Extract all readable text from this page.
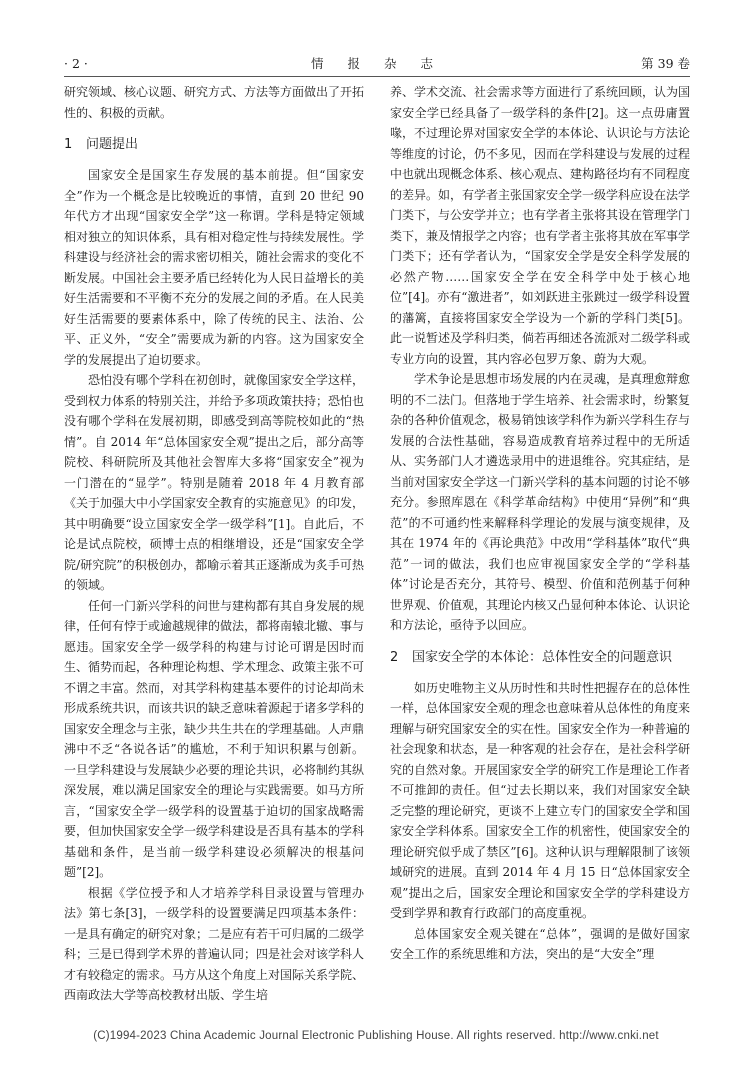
· 2 ·	情 报 杂 志	第 39 卷

研究领域、核心议题、研究方式、方法等方面做出了开拓性的、积极的贡献。

1 问题提出

国家安全是国家生存发展的基本前提。但“国家安全”作为一个概念是比较晚近的事情，直到 20 世纪 90 年代方才出现“国家安全学”这一称谓。学科是特定领域相对独立的知识体系，具有相对稳定性与持续发展性。学科建设与经济社会的需求密切相关，随社会需求的变化不断发展。中国社会主要矛盾已经转化为人民日益增长的美好生活需要和不平衡不充分的发展之间的矛盾。在人民美好生活需要的要素体系中，除了传统的民主、法治、公平、正义外，“安全”需要成为新的内容。这为国家安全学的发展提出了迫切要求。

恐怕没有哪个学科在初创时，就像国家安全学这样，受到权力体系的特别关注，并给予多项政策扶持；恐怕也没有哪个学科在发展初期，即感受到高等院校如此的“热情”。自 2014 年“总体国家安全观”提出之后，部分高等院校、科研院所及其他社会智库大多将“国家安全”视为一门潜在的“显学”。特别是随着 2018 年 4 月教育部《关于加强大中小学国家安全教育的实施意见》的印发，其中明确要“设立国家安全学一级学科”[1]。自此后，不论是试点院校，硕博士点的相继增设，还是“国家安全学院/研究院”的积极创办，都喻示着其正逐渐成为炙手可热的领域。

任何一门新兴学科的问世与建构都有其自身发展的规律，任何有悖于或逾越规律的做法，都将南辕北辙、事与愿违。国家安全学一级学科的构建与讨论可谓是因时而生、循势而起，各种理论构想、学术理念、政策主张不可不谓之丰富。然而，对其学科构建基本要件的讨论却尚未形成系统共识，而该共识的缺乏意味着源起于诸多学科的国家安全理念与主张，缺少共生共在的学理基础。人声鼎沸中不乏“各说各话”的尴尬，不利于知识积累与创新。一旦学科建设与发展缺少必要的理论共识，必将制约其纵深发展，难以满足国家安全的理论与实践需要。如马方所言，“国家安全学一级学科的设置基于迫切的国家战略需要，但加快国家安全学一级学科建设是否具有基本的学科基础和条件，是当前一级学科建设必须解决的根基问题”[2]。

根据《学位授予和人才培养学科目录设置与管理办法》第七条[3]，一级学科的设置要满足四项基本条件：一是具有确定的研究对象；二是应有若干可归属的二级学科；三是已得到学术界的普遍认同；四是社会对该学科人才有较稳定的需求。马方从这个角度上对国际关系学院、西南政法大学等高校教材出版、学生培

养、学术交流、社会需求等方面进行了系统回顾，认为国家安全学已经具备了一级学科的条件[2]。这一点毋庸置喙，不过理论界对国家安全学的本体论、认识论与方法论等维度的讨论，仍不多见，因而在学科建设与发展的过程中也就出现概念体系、核心观点、建构路径均有不同程度的差异。如，有学者主张国家安全学一级学科应设在法学门类下，与公安学并立；也有学者主张将其设在管理学门类下，兼及情报学之内容；也有学者主张将其放在军事学门类下；还有学者认为，“国家安全学是安全科学发展的必然产物……国家安全学在安全科学中处于核心地位”[4]。亦有“激进者”，如刘跃进主张跳过一级学科设置的藩篱，直接将国家安全学设为一个新的学科门类[5]。此一说暂述及学科归类，倘若再细述各流派对二级学科或专业方向的设置，其内容必包罗万象、蔚为大观。

学术争论是思想市场发展的内在灵魂，是真理愈辩愈明的不二法门。但落地于学生培养、社会需求时，纷繁复杂的各种价值观念，极易销蚀该学科作为新兴学科生存与发展的合法性基础，容易造成教育培养过程中的无所适从、实务部门人才遴选录用中的进退维谷。究其症结，是当前对国家安全学这一门新兴学科的基本问题的讨论不够充分。参照库恩在《科学革命结构》中使用“异例”和“典范”的不可通约性来解释科学理论的发展与演变规律，及其在 1974 年的《再论典范》中改用“学科基体”取代“典范”一词的做法，我们也应审视国家安全学的“学科基体”讨论是否充分，其符号、模型、价值和范例基于何种世界观、价值观，其理论内核又凸显何种本体论、认识论和方法论，亟待予以回应。

2 国家安全学的本体论：总体性安全的问题意识

如历史唯物主义从历时性和共时性把握存在的总体性一样，总体国家安全观的理念也意味着从总体性的角度来理解与研究国家安全的实在性。国家安全作为一种普遍的社会现象和状态，是一种客观的社会存在，是社会科学研究的自然对象。开展国家安全学的研究工作是理论工作者不可推卸的责任。但“过去长期以来，我们对国家安全缺乏完整的理论研究，更谈不上建立专门的国家安全学和国家安全学科体系。国家安全工作的机密性，使国家安全的理论研究似乎成了禁区”[6]。这种认识与理解限制了该领域研究的进展。直到 2014 年 4 月 15 日“总体国家安全观”提出之后，国家安全理论和国家安全学的学科建设方受到学界和教育行政部门的高度重视。

总体国家安全观关键在“总体”，强调的是做好国家安全工作的系统思维和方法，突出的是“大安全”理

(C)1994-2023 China Academic Journal Electronic Publishing House. All rights reserved. http://www.cnki.net
